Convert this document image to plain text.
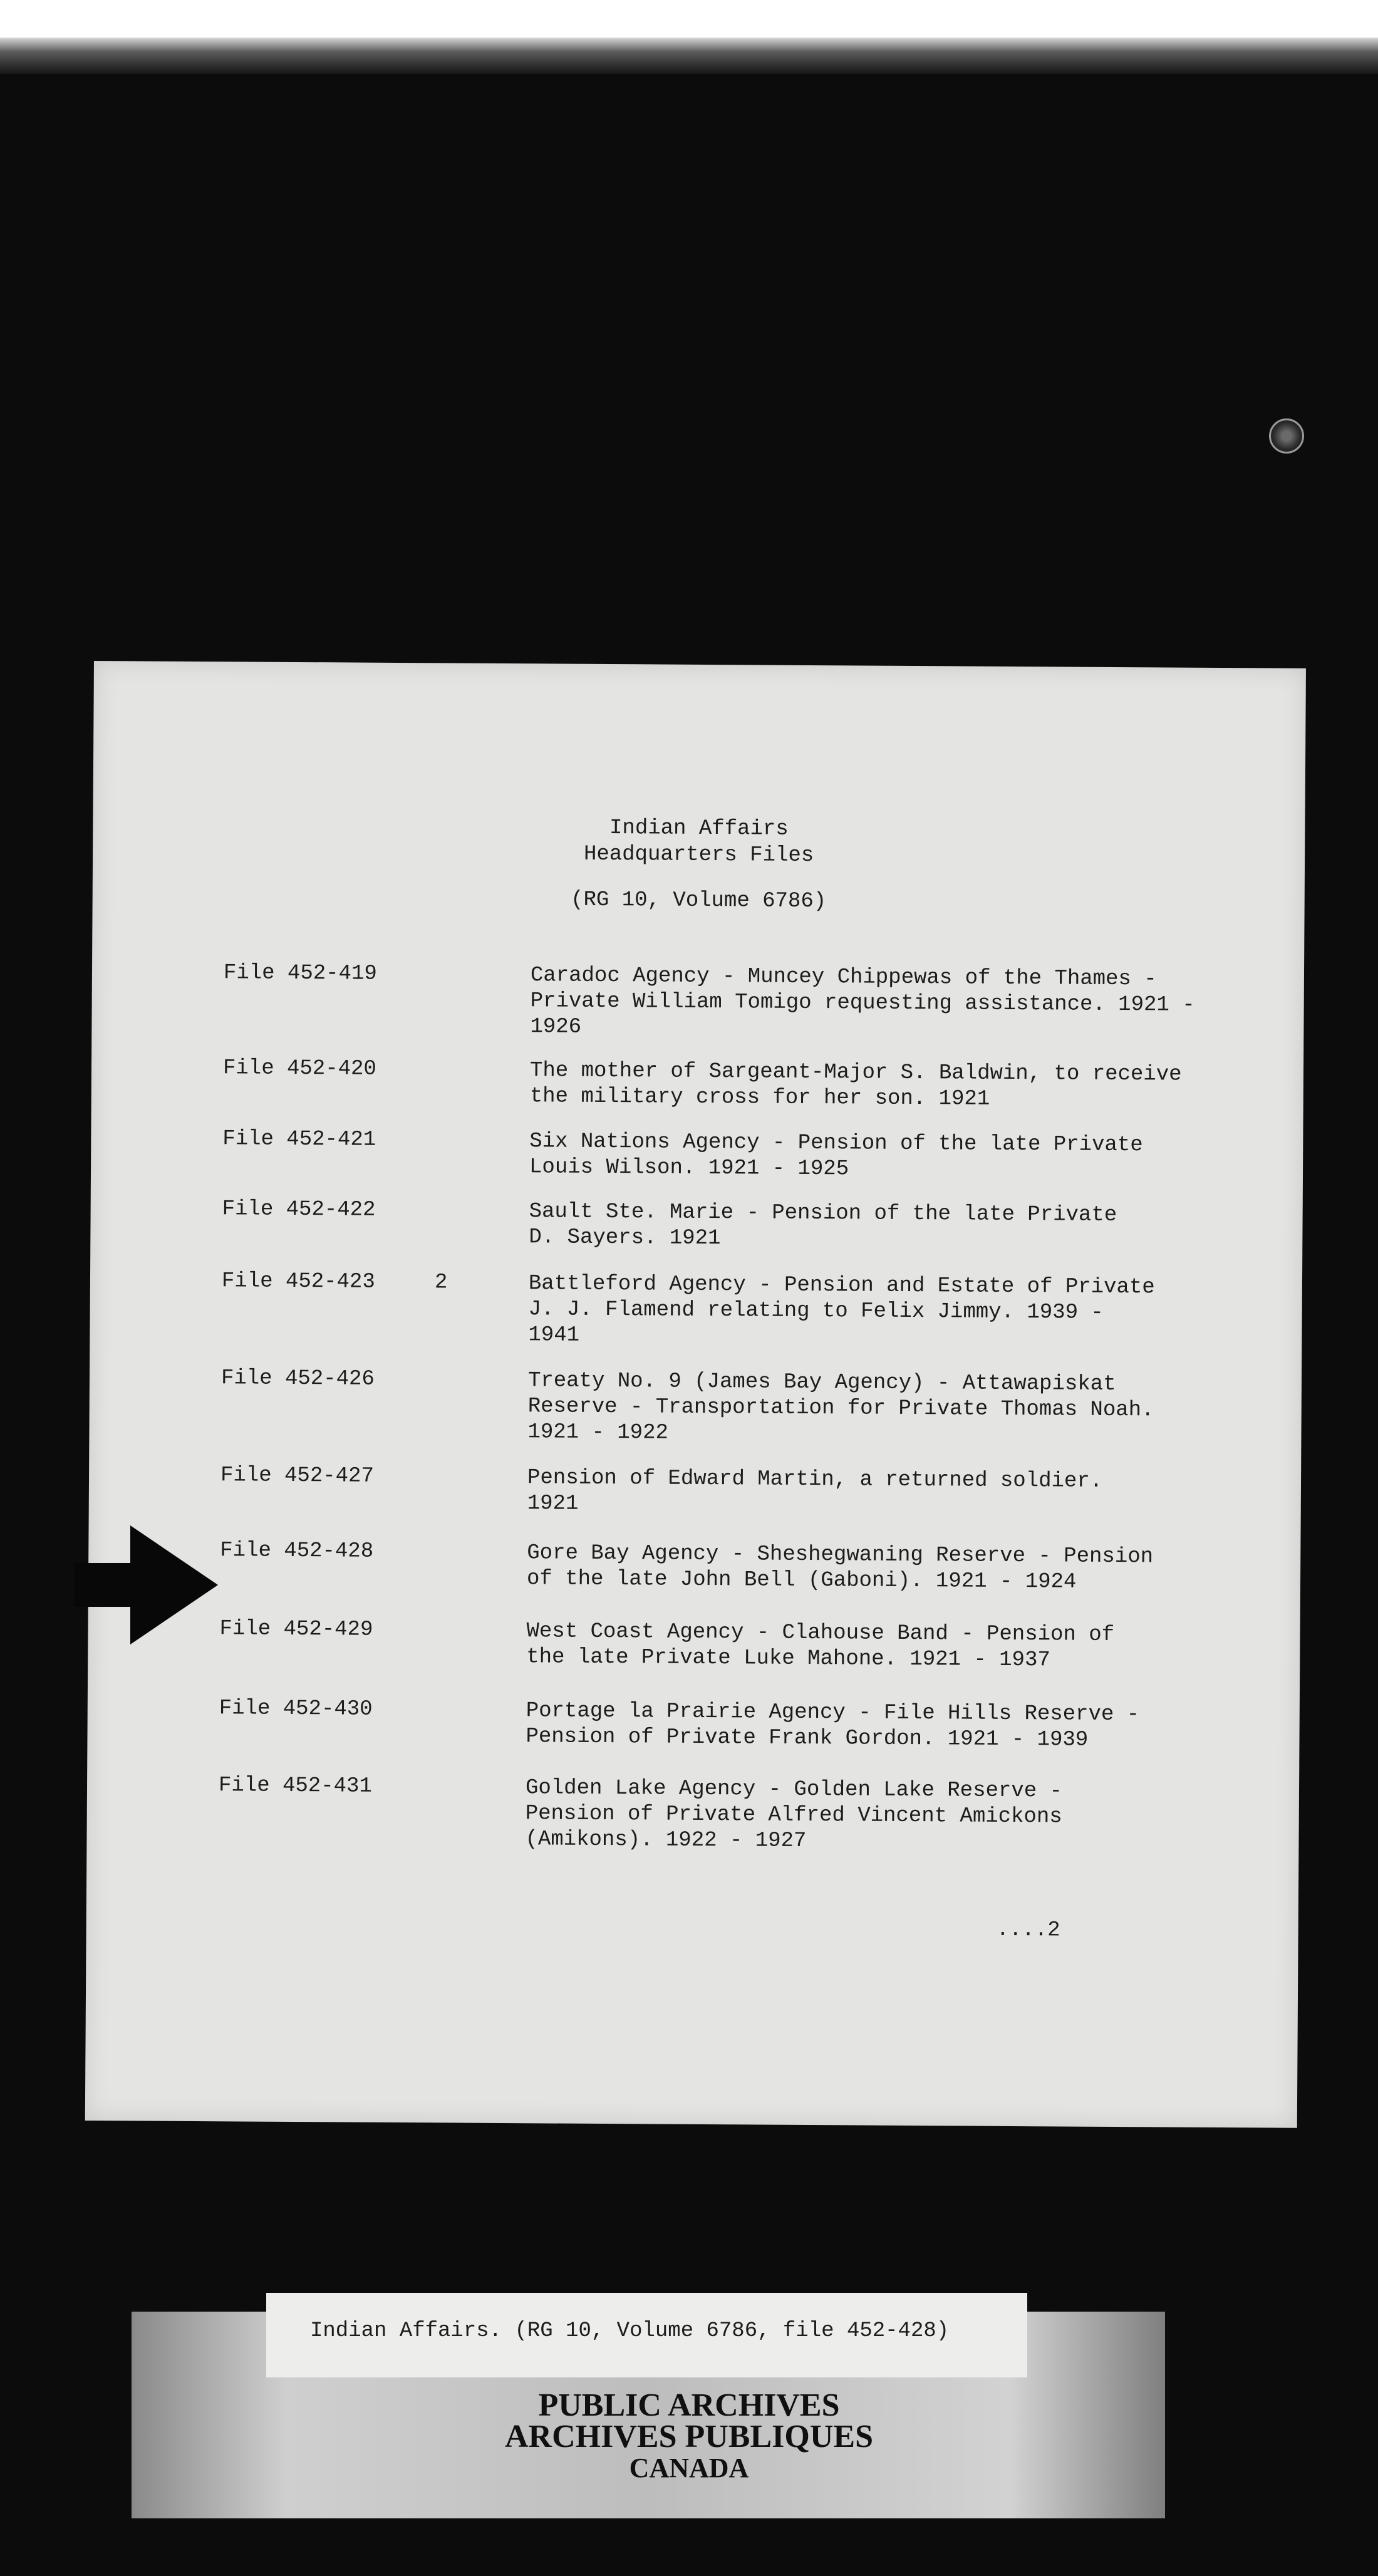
Indian Affairs
Headquarters Files
(RG 10, Volume 6786)
File 452-419	Caradoc Agency - Muncey Chippewas of the Thames -
Private William Tomigo requesting assistance. 1921 -
1926
File 452-420	The mother of Sargeant-Major S. Baldwin, to receive
the military cross for her son. 1921
File 452-421	Six Nations Agency - Pension of the late Private
Louis Wilson. 1921 - 1925
File 452-422	Sault Ste. Marie - Pension of the late Private
D. Sayers. 1921
File 452-423	2	Battleford Agency - Pension and Estate of Private
J. J. Flamend relating to Felix Jimmy. 1939 -
1941
File 452-426	Treaty No. 9 (James Bay Agency) - Attawapiskat
Reserve - Transportation for Private Thomas Noah.
1921 - 1922
File 452-427	Pension of Edward Martin, a returned soldier.
1921
File 452-428	Gore Bay Agency - Sheshegwaning Reserve - Pension
of the late John Bell (Gaboni). 1921 - 1924
File 452-429	West Coast Agency - Clahouse Band - Pension of
the late Private Luke Mahone. 1921 - 1937
File 452-430	Portage la Prairie Agency - File Hills Reserve -
Pension of Private Frank Gordon. 1921 - 1939
File 452-431	Golden Lake Agency - Golden Lake Reserve -
Pension of Private Alfred Vincent Amickons
(Amikons). 1922 - 1927
....2
Indian Affairs. (RG 10, Volume 6786, file 452-428)
PUBLIC ARCHIVES
ARCHIVES PUBLIQUES
CANADA
